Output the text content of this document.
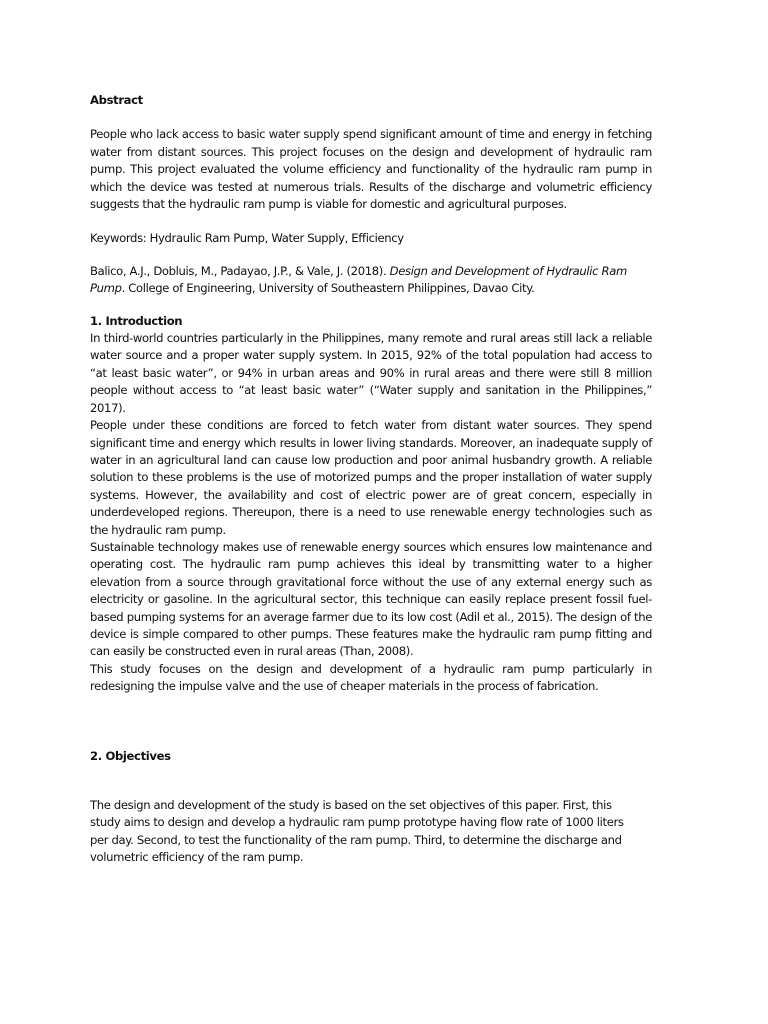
Abstract

People who lack access to basic water supply spend significant amount of time and energy in fetching water from distant sources. This project focuses on the design and development of hydraulic ram pump. This project evaluated the volume efficiency and functionality of the hydraulic ram pump in which the device was tested at numerous trials. Results of the discharge and volumetric efficiency suggests that the hydraulic ram pump is viable for domestic and agricultural purposes.

Keywords: Hydraulic Ram Pump, Water Supply, Efficiency

Balico, A.J., Dobluis, M., Padayao, J.P., & Vale, J. (2018). Design and Development of Hydraulic Ram Pump. College of Engineering, University of Southeastern Philippines, Davao City.

1. Introduction

In third-world countries particularly in the Philippines, many remote and rural areas still lack a reliable water source and a proper water supply system. In 2015, 92% of the total population had access to “at least basic water”, or 94% in urban areas and 90% in rural areas and there were still 8 million people without access to “at least basic water” (“Water supply and sanitation in the Philippines,” 2017).

People under these conditions are forced to fetch water from distant water sources. They spend significant time and energy which results in lower living standards. Moreover, an inadequate supply of water in an agricultural land can cause low production and poor animal husbandry growth. A reliable solution to these problems is the use of motorized pumps and the proper installation of water supply systems. However, the availability and cost of electric power are of great concern, especially in underdeveloped regions. Thereupon, there is a need to use renewable energy technologies such as the hydraulic ram pump.

Sustainable technology makes use of renewable energy sources which ensures low maintenance and operating cost. The hydraulic ram pump achieves this ideal by transmitting water to a higher elevation from a source through gravitational force without the use of any external energy such as electricity or gasoline. In the agricultural sector, this technique can easily replace present fossil fuel-based pumping systems for an average farmer due to its low cost (Adil et al., 2015). The design of the device is simple compared to other pumps. These features make the hydraulic ram pump fitting and can easily be constructed even in rural areas (Than, 2008).

This study focuses on the design and development of a hydraulic ram pump particularly in redesigning the impulse valve and the use of cheaper materials in the process of fabrication.

2. Objectives

The design and development of the study is based on the set objectives of this paper. First, this study aims to design and develop a hydraulic ram pump prototype having flow rate of 1000 liters per day. Second, to test the functionality of the ram pump. Third, to determine the discharge and volumetric efficiency of the ram pump.
